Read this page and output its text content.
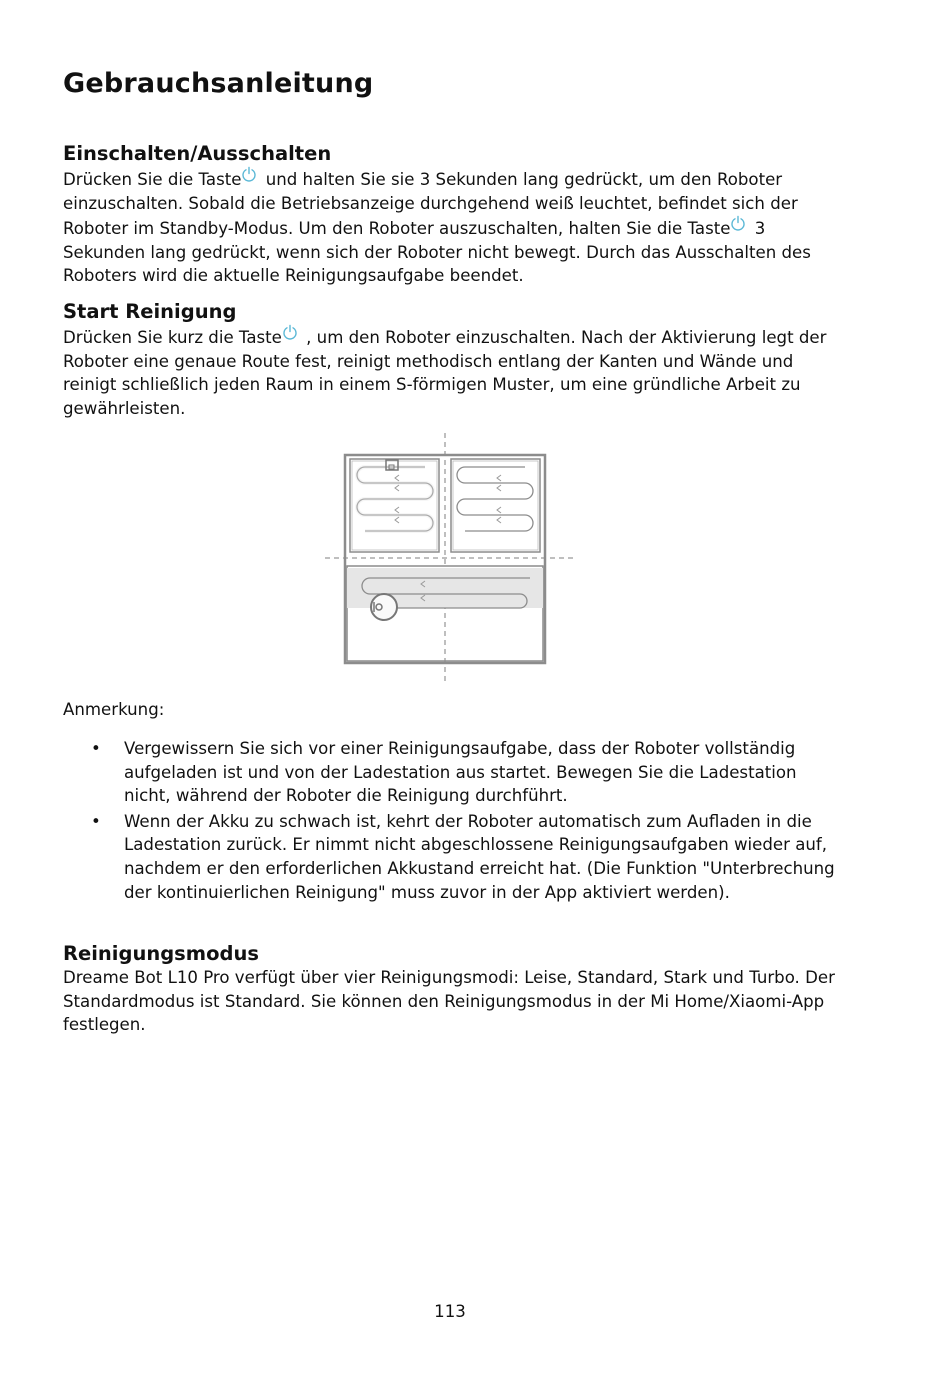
Gebrauchsanleitung
Einschalten/Ausschalten

Drücken Sie die Taste
und halten Sie sie 3 Sekunden lang gedrückt, um den Roboter einzuschalten. Sobald die Betriebsanzeige durchgehend weiß leuchtet, befindet sich der Roboter im Standby-Modus. Um den Roboter auszuschalten, halten Sie die Taste
3 Sekunden lang gedrückt, wenn sich der Roboter nicht bewegt. Durch das Ausschalten des Roboters wird die aktuelle Reinigungsaufgabe beendet.

Start Reinigung

Drücken Sie kurz die Taste
, um den Roboter einzuschalten. Nach der Aktivierung legt der Roboter eine genaue Route fest, reinigt methodisch entlang der Kanten und Wände und reinigt schließlich jeden Raum in einem S-förmigen Muster, um eine gründliche Arbeit zu gewährleisten.

Anmerkung:
• Vergewissern Sie sich vor einer Reinigungsaufgabe, dass der Roboter vollständig aufgeladen ist und von der Ladestation aus startet. Bewegen Sie die Ladestation nicht, während der Roboter die Reinigung durchführt.
• Wenn der Akku zu schwach ist, kehrt der Roboter automatisch zum Aufladen in die Ladestation zurück. Er nimmt nicht abgeschlossene Reinigungsaufgaben wieder auf, nachdem er den erforderlichen Akkustand erreicht hat. (Die Funktion "Unterbrechung der kontinuierlichen Reinigung" muss zuvor in der App aktiviert werden).
Reinigungsmodus

Dreame Bot L10 Pro verfügt über vier Reinigungsmodi: Leise, Standard, Stark und Turbo. Der Standardmodus ist Standard. Sie können den Reinigungsmodus in der Mi Home/Xiaomi-App festlegen.

113
